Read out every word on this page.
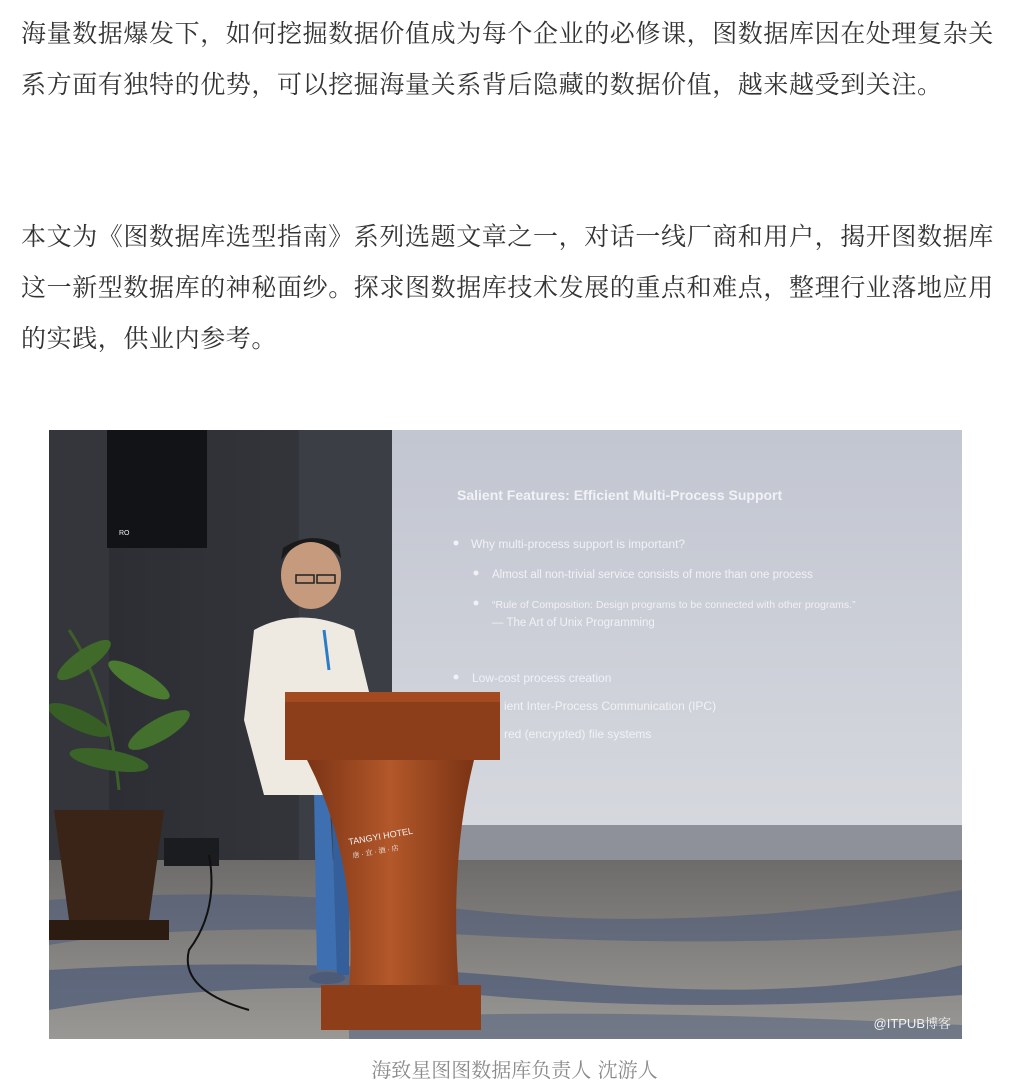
海量数据爆发下，如何挖掘数据价值成为每个企业的必修课，图数据库因在处理复杂关系方面有独特的优势，可以挖掘海量关系背后隐藏的数据价值，越来越受到关注。

本文为《图数据库选型指南》系列选题文章之一，对话一线厂商和用户，揭开图数据库这一新型数据库的神秘面纱。探求图数据库技术发展的重点和难点，整理行业落地应用的实践，供业内参考。

RO
Salient Features: Efficient Multi-Process Support
Why multi-process support is important?
Almost all non-trivial service consists of more than one process
“Rule of Composition: Design programs to be connected with other programs.”
— The Art of Unix Programming
Low-cost process creation
ient Inter-Process Communication (IPC)
red (encrypted) file systems
TANGYI HOTEL
唐 · 宜 · 酒 · 店
@ITPUB博客
海致星图图数据库负责人 沈游人
